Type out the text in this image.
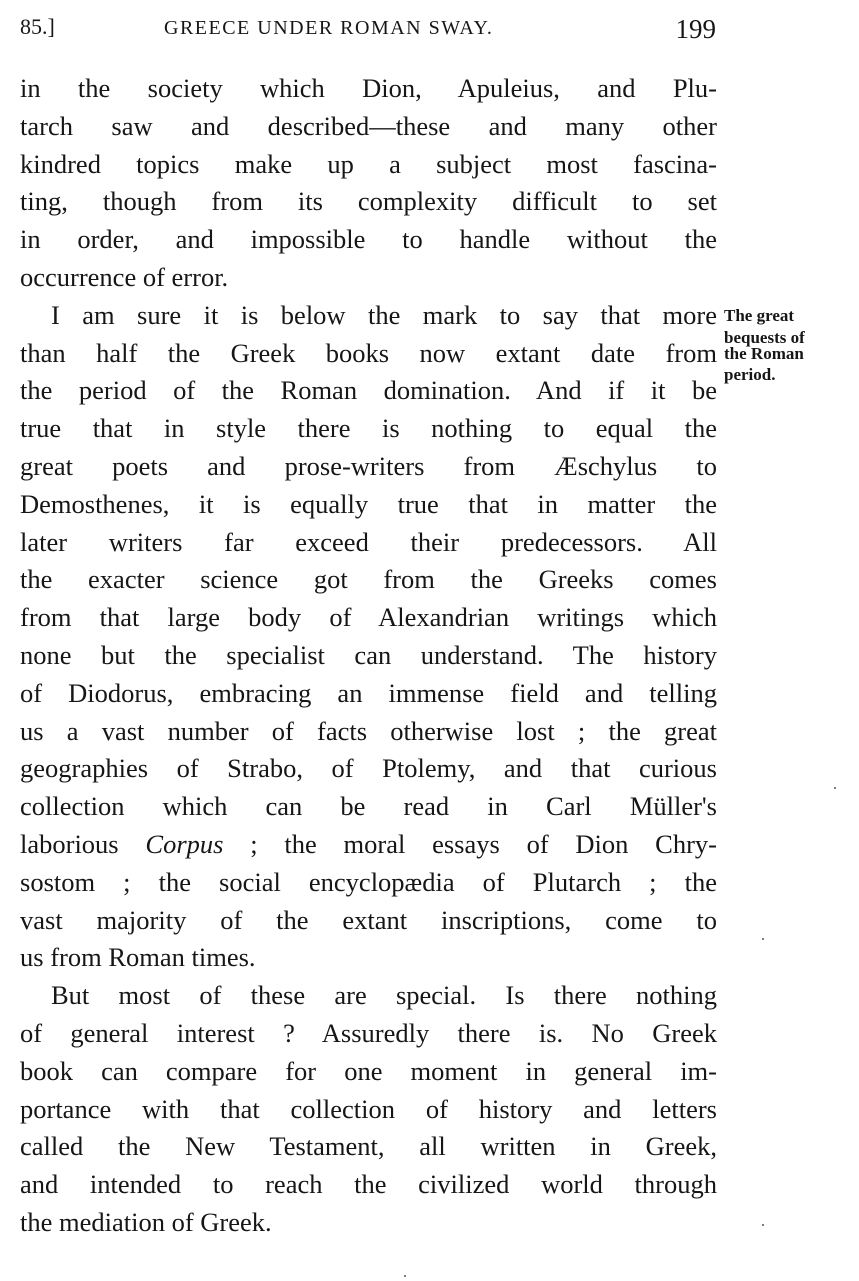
85.]	GREECE UNDER ROMAN SWAY.	199
in the society which Dion, Apuleius, and Plu-
tarch saw and described—these and many other
kindred topics make up a subject most fascina-
ting, though from its complexity difficult to set
in order, and impossible to handle without the
occurrence of error.
I am sure it is below the mark to say that more
than half the Greek books now extant date from
the period of the Roman domination. And if it be
true that in style there is nothing to equal the
great poets and prose-writers from Æschylus to
Demosthenes, it is equally true that in matter the
later writers far exceed their predecessors. All
the exacter science got from the Greeks comes
from that large body of Alexandrian writings which
none but the specialist can understand. The history
of Diodorus, embracing an immense field and telling
us a vast number of facts otherwise lost ; the great
geographies of Strabo, of Ptolemy, and that curious
collection which can be read in Carl Müller's
laborious Corpus ; the moral essays of Dion Chry-
sostom ; the social encyclopædia of Plutarch ; the
vast majority of the extant inscriptions, come to
us from Roman times.
But most of these are special. Is there nothing
of general interest ? Assuredly there is. No Greek
book can compare for one moment in general im-
portance with that collection of history and letters
called the New Testament, all written in Greek,
and intended to reach the civilized world through
the mediation of Greek.
The great
bequests of
the Roman
period.
